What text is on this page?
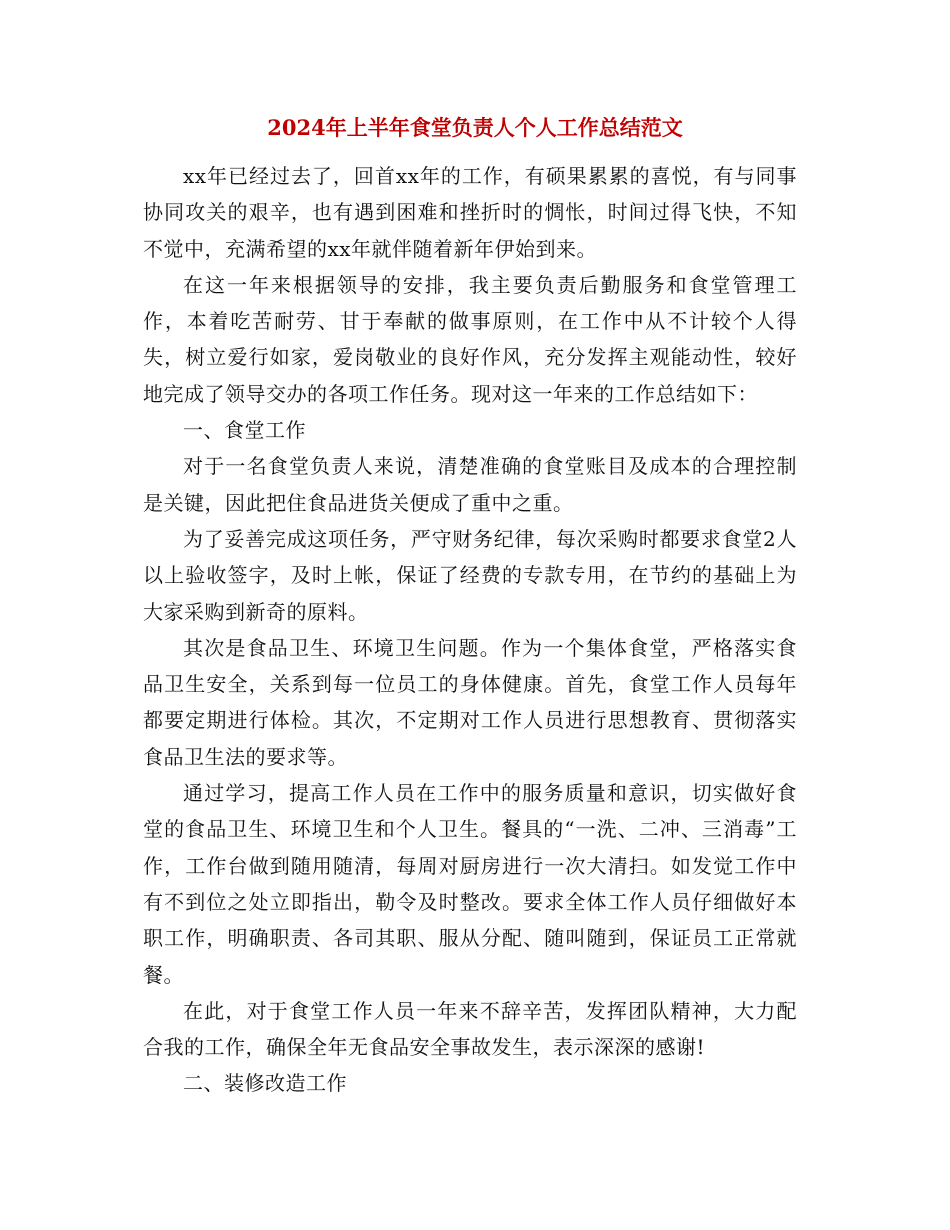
2024年上半年食堂负责人个人工作总结范文

xx年已经过去了，回首xx年的工作，有硕果累累的喜悦，有与同事协同攻关的艰辛，也有遇到困难和挫折时的惆怅，时间过得飞快，不知不觉中，充满希望的xx年就伴随着新年伊始到来。

在这一年来根据领导的安排，我主要负责后勤服务和食堂管理工作，本着吃苦耐劳、甘于奉献的做事原则，在工作中从不计较个人得失，树立爱行如家，爱岗敬业的良好作风，充分发挥主观能动性，较好地完成了领导交办的各项工作任务。现对这一年来的工作总结如下：

一、食堂工作

对于一名食堂负责人来说，清楚准确的食堂账目及成本的合理控制是关键，因此把住食品进货关便成了重中之重。

为了妥善完成这项任务，严守财务纪律，每次采购时都要求食堂2人以上验收签字，及时上帐，保证了经费的专款专用，在节约的基础上为大家采购到新奇的原料。

其次是食品卫生、环境卫生问题。作为一个集体食堂，严格落实食品卫生安全，关系到每一位员工的身体健康。首先，食堂工作人员每年都要定期进行体检。其次，不定期对工作人员进行思想教育、贯彻落实食品卫生法的要求等。

通过学习，提高工作人员在工作中的服务质量和意识，切实做好食堂的食品卫生、环境卫生和个人卫生。餐具的“一洗、二冲、三消毒”工作，工作台做到随用随清，每周对厨房进行一次大清扫。如发觉工作中有不到位之处立即指出，勒令及时整改。要求全体工作人员仔细做好本职工作，明确职责、各司其职、服从分配、随叫随到，保证员工正常就餐。

在此，对于食堂工作人员一年来不辞辛苦，发挥团队精神，大力配合我的工作，确保全年无食品安全事故发生，表示深深的感谢!

二、装修改造工作
